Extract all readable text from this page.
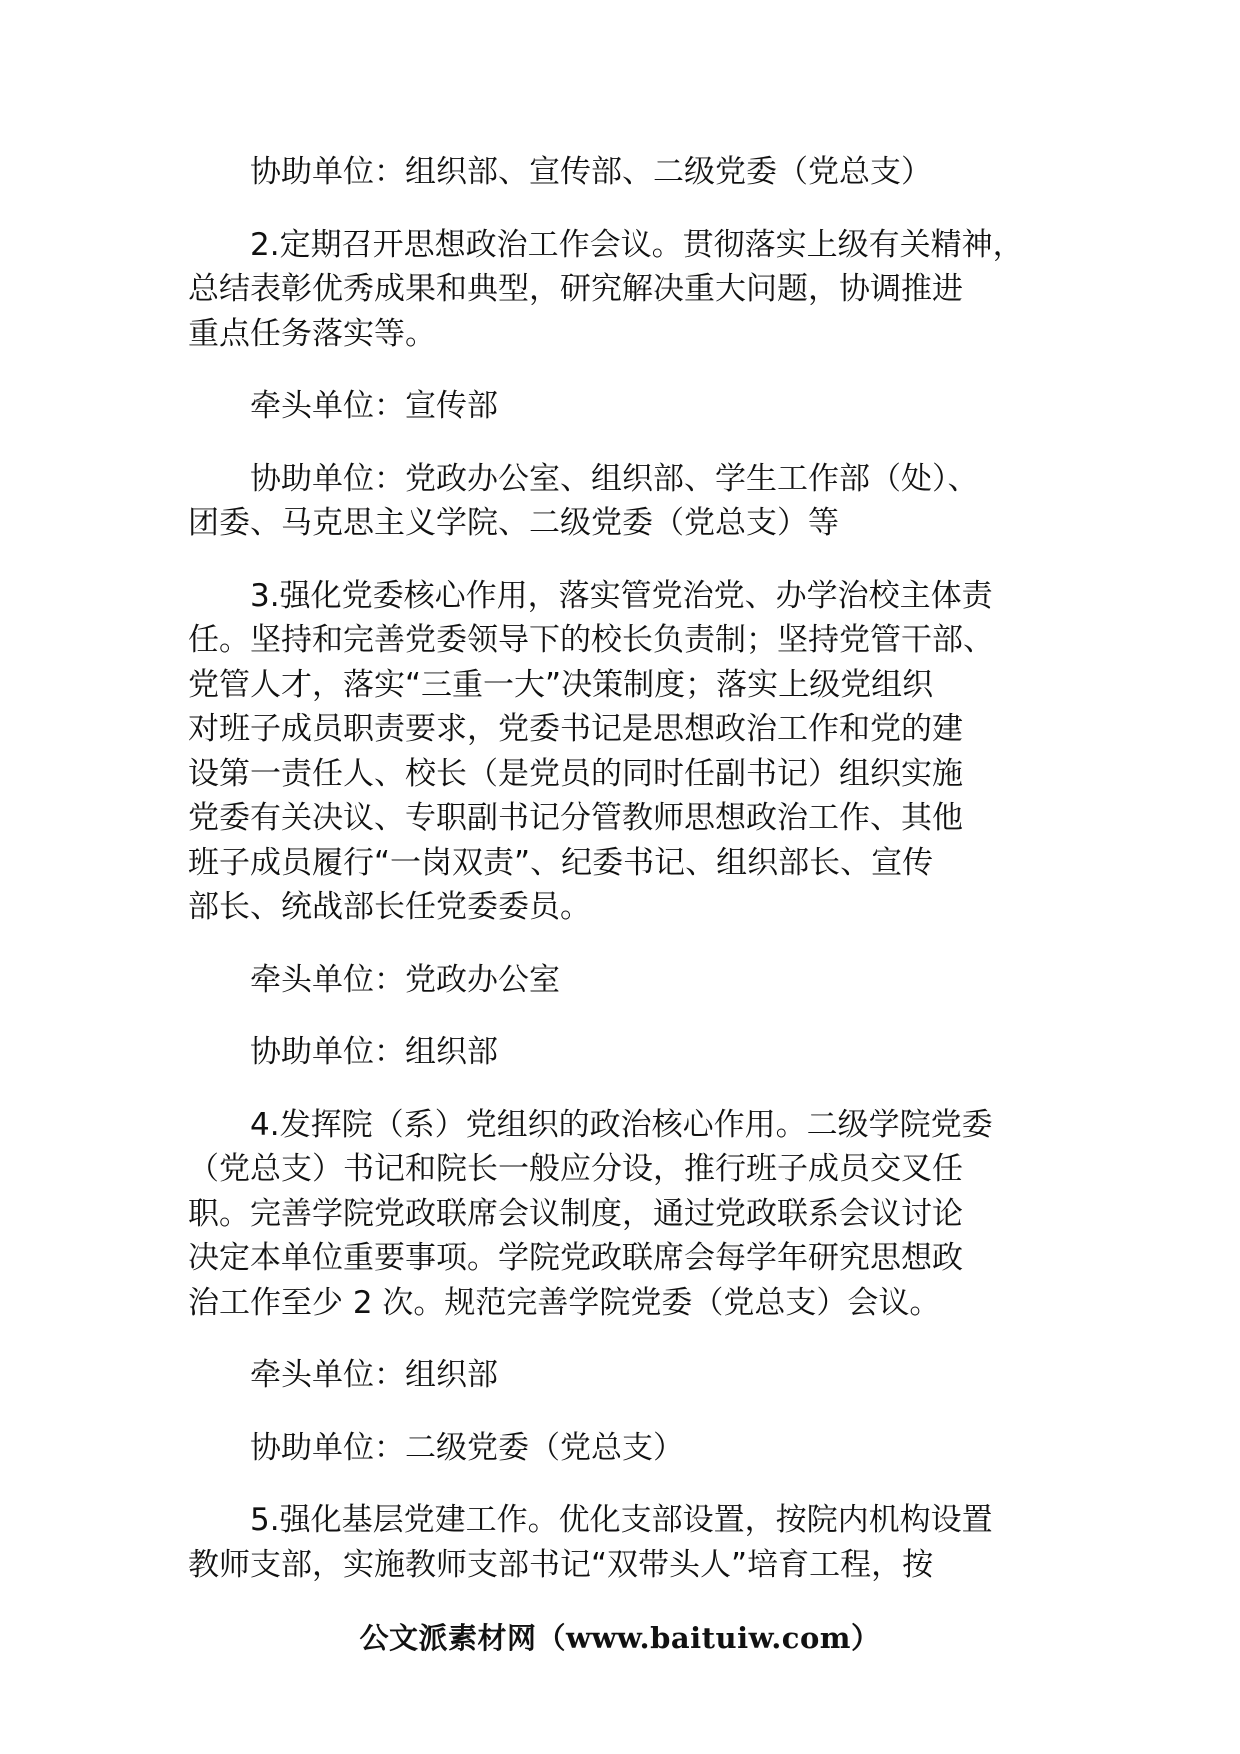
协助单位：组织部、宣传部、二级党委（党总支）

2.定期召开思想政治工作会议。贯彻落实上级有关精神，
总结表彰优秀成果和典型，研究解决重大问题，协调推进
重点任务落实等。

牵头单位：宣传部

协助单位：党政办公室、组织部、学生工作部（处）、
团委、马克思主义学院、二级党委（党总支）等

3.强化党委核心作用，落实管党治党、办学治校主体责
任。坚持和完善党委领导下的校长负责制；坚持党管干部、
党管人才，落实“三重一大”决策制度；落实上级党组织
对班子成员职责要求，党委书记是思想政治工作和党的建
设第一责任人、校长（是党员的同时任副书记）组织实施
党委有关决议、专职副书记分管教师思想政治工作、其他
班子成员履行“一岗双责”、纪委书记、组织部长、宣传
部长、统战部长任党委委员。

牵头单位：党政办公室

协助单位：组织部

4.发挥院（系）党组织的政治核心作用。二级学院党委
（党总支）书记和院长一般应分设，推行班子成员交叉任
职。完善学院党政联席会议制度，通过党政联系会议讨论
决定本单位重要事项。学院党政联席会每学年研究思想政
治工作至少 2 次。规范完善学院党委（党总支）会议。

牵头单位：组织部

协助单位：二级党委（党总支）

5.强化基层党建工作。优化支部设置，按院内机构设置
教师支部，实施教师支部书记“双带头人”培育工程，按

公文派素材网（www.baituiw.com）
